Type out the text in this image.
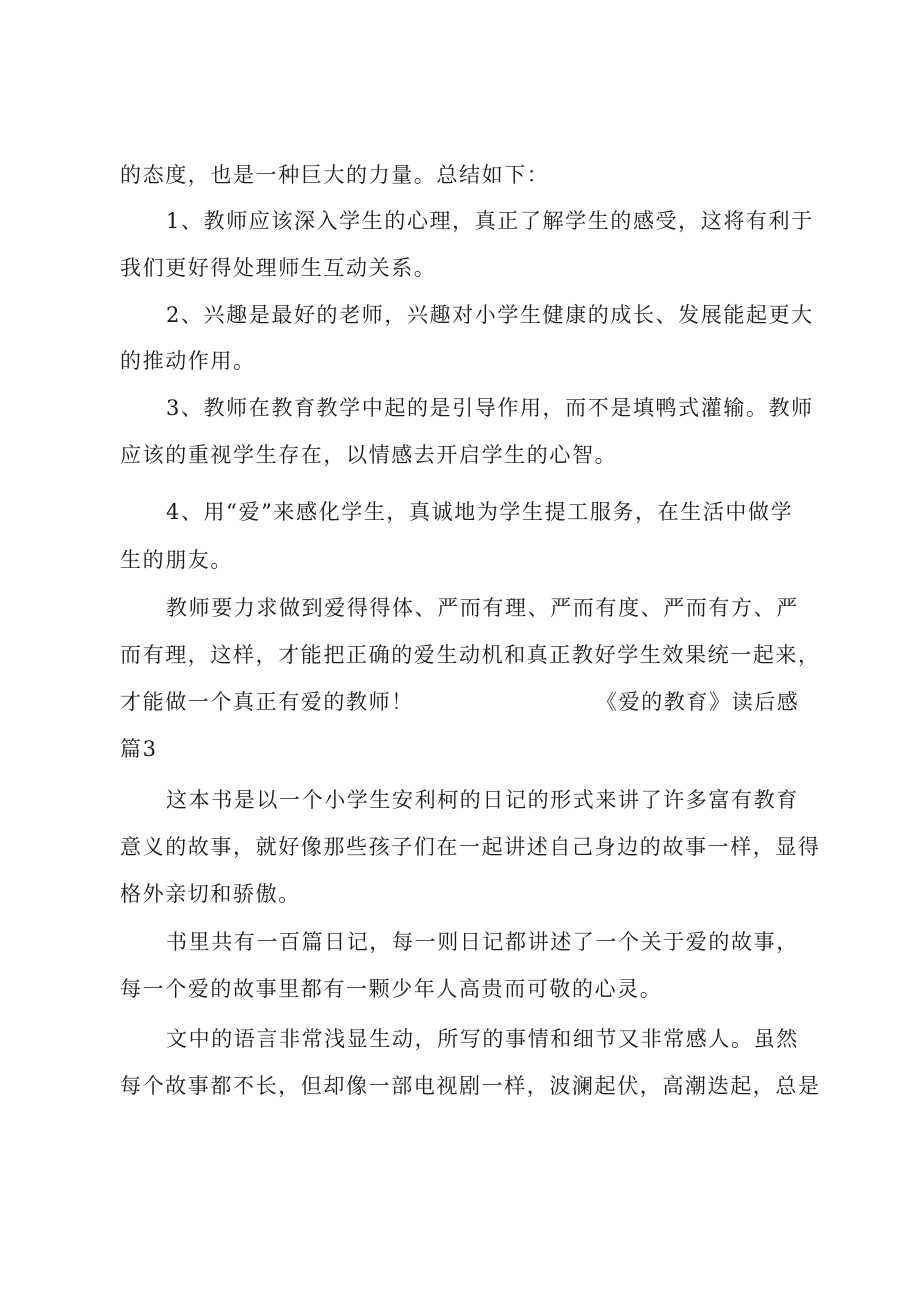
的态度，也是一种巨大的力量。总结如下：
1、教师应该深入学生的心理，真正了解学生的感受，这将有利于
我们更好得处理师生互动关系。
2、兴趣是最好的老师，兴趣对小学生健康的成长、发展能起更大
的推动作用。
3、教师在教育教学中起的是引导作用，而不是填鸭式灌输。教师
应该的重视学生存在，以情感去开启学生的心智。
4、用“爱”来感化学生，真诚地为学生提工服务，在生活中做学
生的朋友。
教师要力求做到爱得得体、严而有理、严而有度、严而有方、严
而有理，这样，才能把正确的爱生动机和真正教好学生效果统一起来，
才能做一个真正有爱的教师！	《爱的教育》读后感
篇3
这本书是以一个小学生安利柯的日记的形式来讲了许多富有教育
意义的故事，就好像那些孩子们在一起讲述自己身边的故事一样，显得
格外亲切和骄傲。
书里共有一百篇日记，每一则日记都讲述了一个关于爱的故事，
每一个爱的故事里都有一颗少年人高贵而可敬的心灵。
文中的语言非常浅显生动，所写的事情和细节又非常感人。虽然
每个故事都不长，但却像一部电视剧一样，波澜起伏，高潮迭起，总是
